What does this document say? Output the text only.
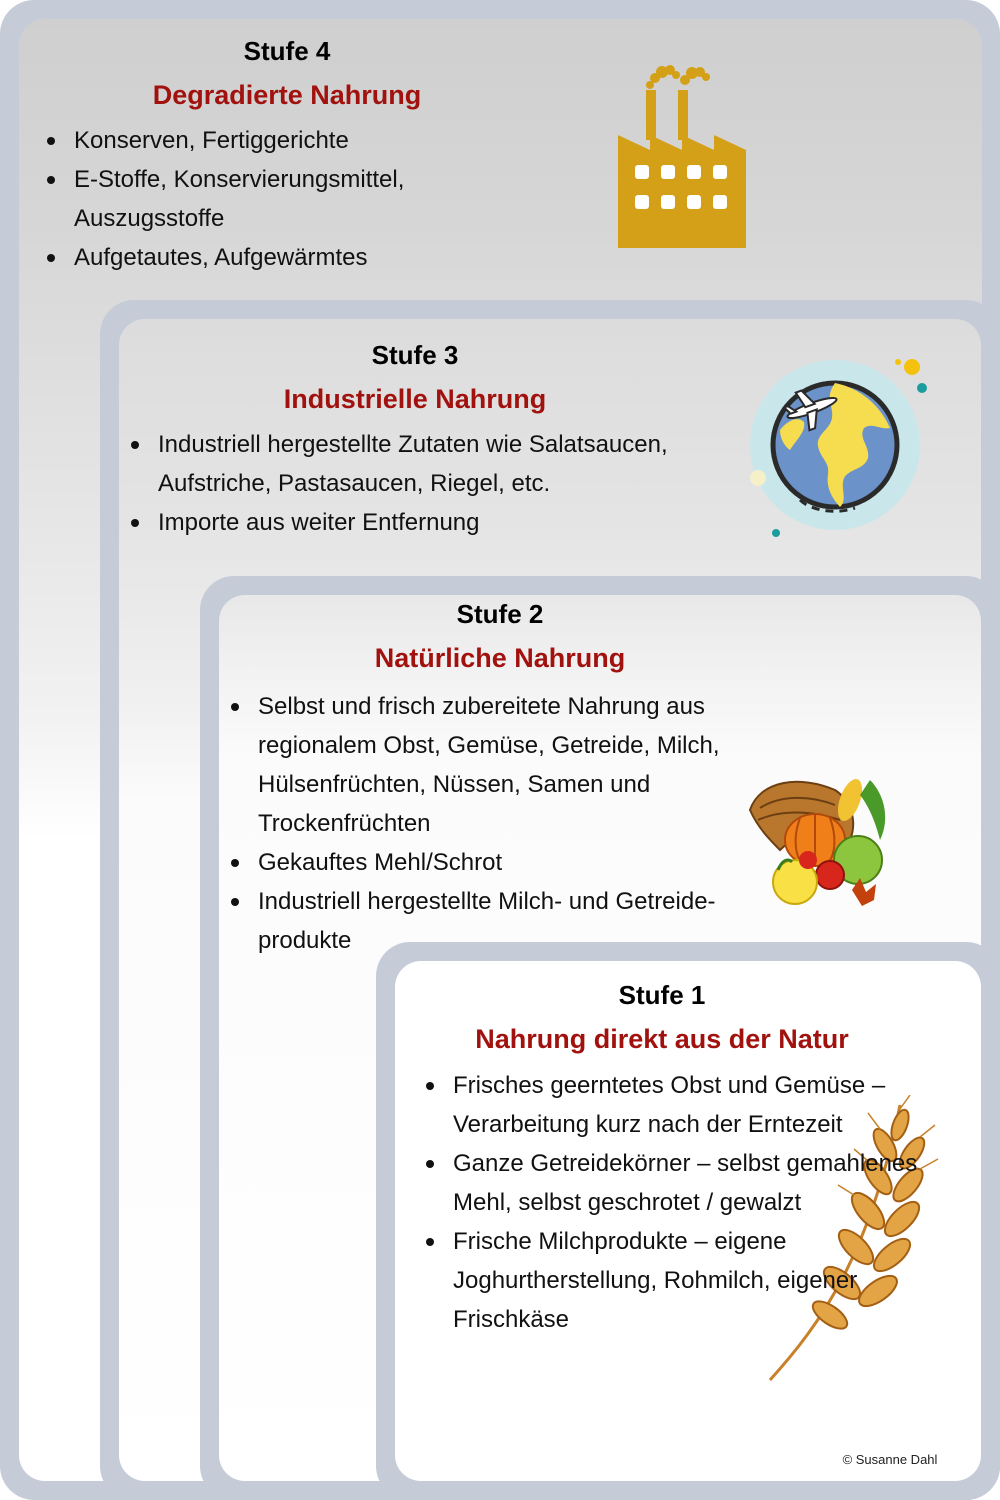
Stufe 4
Degradierte Nahrung
Konserven, Fertiggerichte
E-Stoffe, Konservierungsmittel, Auszugsstoffe
Aufgetautes, Aufgewärmtes
Stufe 3
Industrielle Nahrung
Industriell hergestellte Zutaten wie Salatsaucen, Aufstriche, Pastasaucen, Riegel, etc.
Importe aus weiter Entfernung
Stufe 2
Natürliche Nahrung
Selbst und frisch zubereitete Nahrung aus regionalem Obst, Gemüse, Getreide, Milch, Hülsenfrüchten, Nüssen, Samen und Trockenfrüchten
Gekauftes Mehl/Schrot
Industriell hergestellte Milch- und Getreide-produkte
Stufe 1
Nahrung direkt aus der Natur
Frisches geerntetes Obst und Gemüse – Verarbeitung kurz nach der Erntezeit
Ganze Getreidekörner – selbst gemahlenes Mehl, selbst geschrotet / gewalzt
Frische Milchprodukte – eigene Joghurtherstellung, Rohmilch, eigener Frischkäse
© Susanne Dahl
